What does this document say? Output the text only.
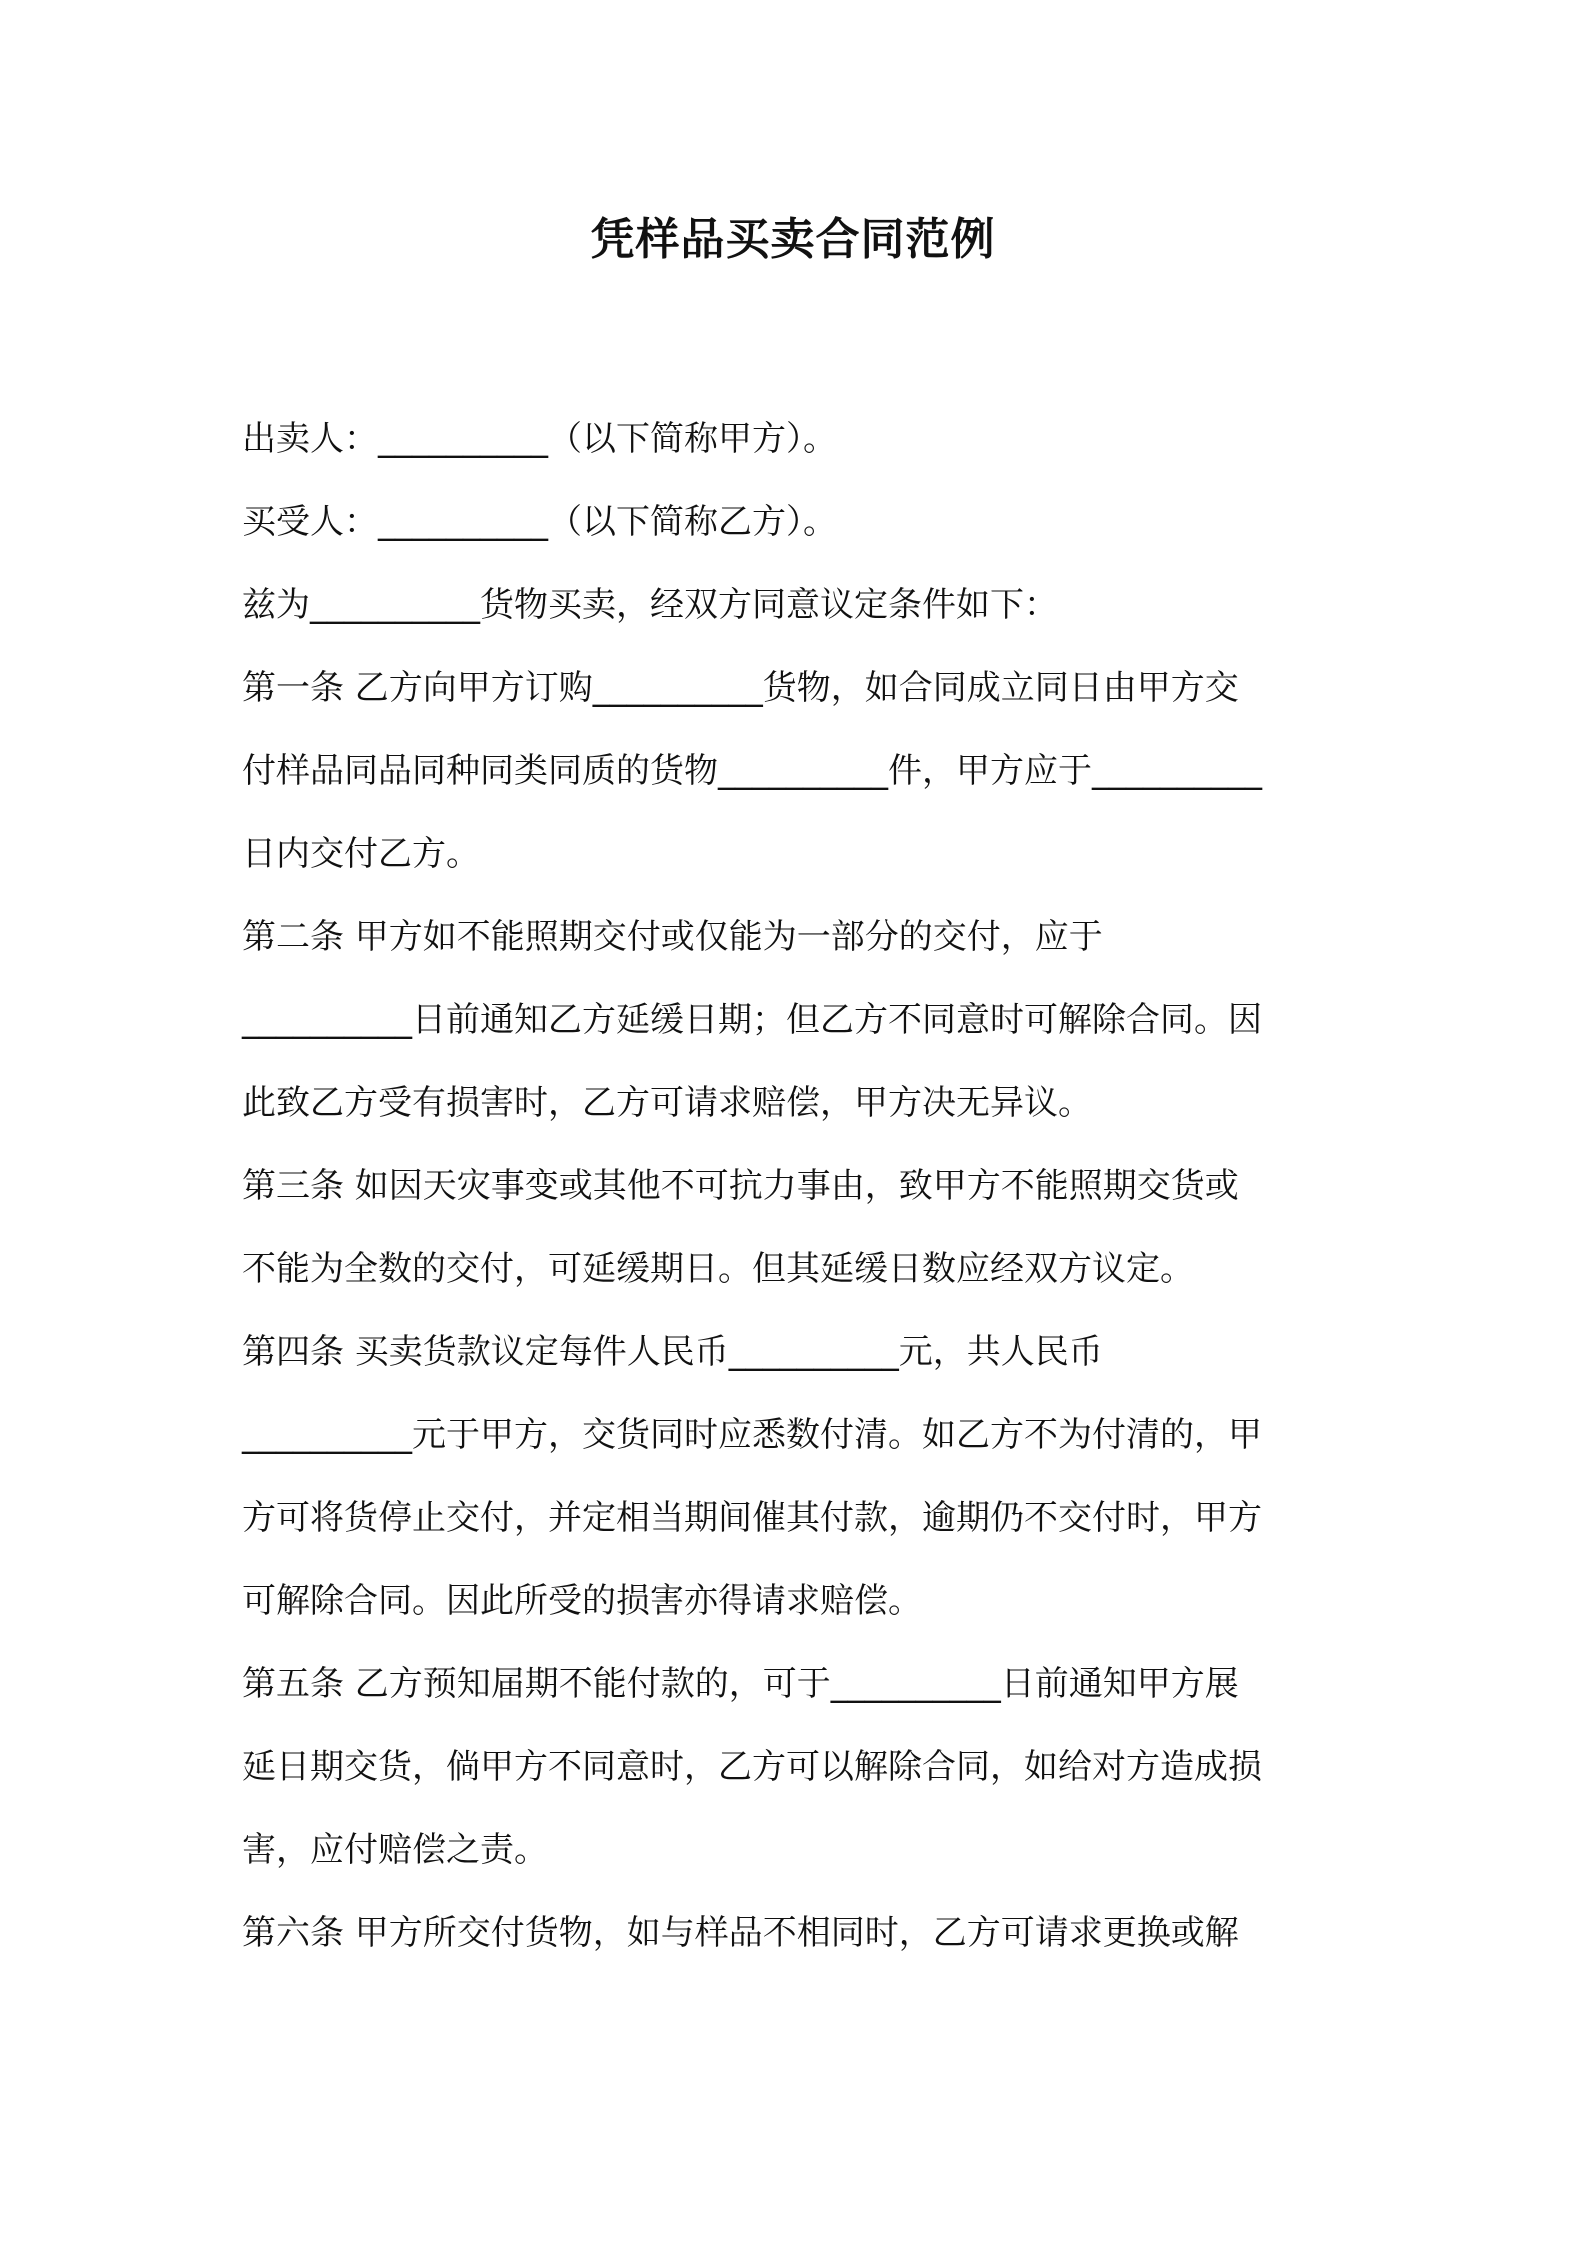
凭样品买卖合同范例
出卖人：__________（以下简称甲方）。
买受人：__________（以下简称乙方）。
兹为__________货物买卖，经双方同意议定条件如下：
第一条 乙方向甲方订购__________货物，如合同成立同日由甲方交
付样品同品同种同类同质的货物__________件，甲方应于__________
日内交付乙方。
第二条 甲方如不能照期交付或仅能为一部分的交付，应于
__________日前通知乙方延缓日期；但乙方不同意时可解除合同。因
此致乙方受有损害时，乙方可请求赔偿，甲方决无异议。
第三条 如因天灾事变或其他不可抗力事由，致甲方不能照期交货或
不能为全数的交付，可延缓期日。但其延缓日数应经双方议定。
第四条 买卖货款议定每件人民币__________元，共人民币
__________元于甲方，交货同时应悉数付清。如乙方不为付清的，甲
方可将货停止交付，并定相当期间催其付款，逾期仍不交付时，甲方
可解除合同。因此所受的损害亦得请求赔偿。
第五条 乙方预知届期不能付款的，可于__________日前通知甲方展
延日期交货，倘甲方不同意时，乙方可以解除合同，如给对方造成损
害，应付赔偿之责。
第六条 甲方所交付货物，如与样品不相同时，乙方可请求更换或解
